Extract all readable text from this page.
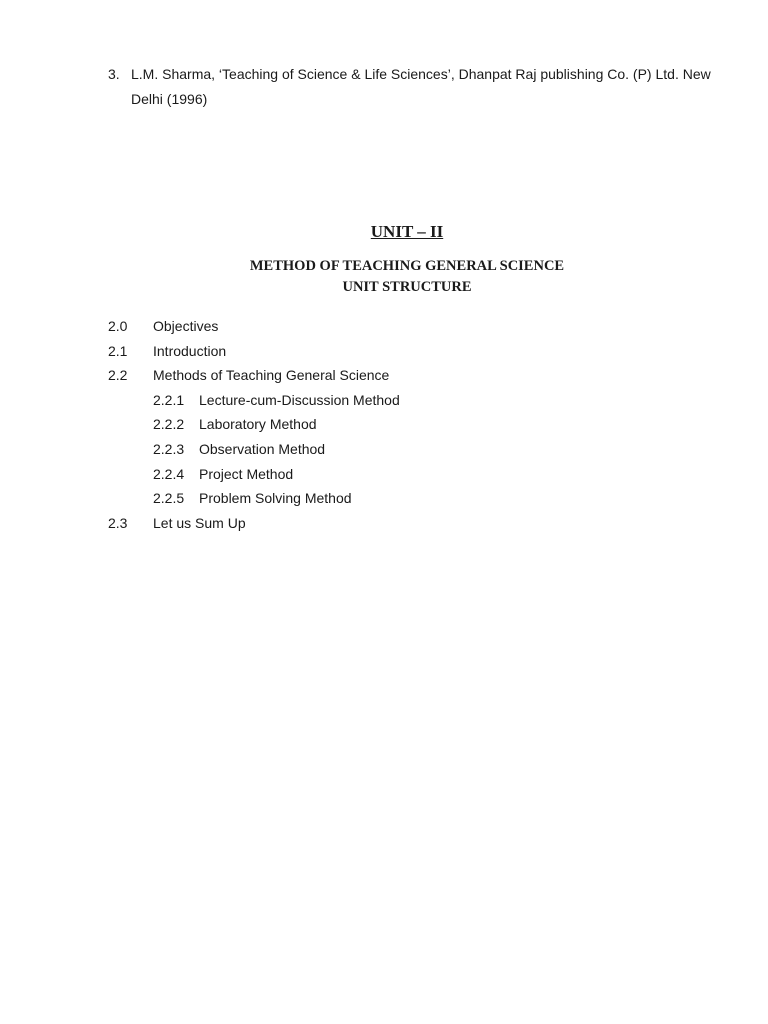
3. L.M. Sharma, ‘Teaching of Science & Life Sciences’, Dhanpat Raj publishing Co. (P) Ltd. New
Delhi (1996)
UNIT – II
METHOD OF TEACHING GENERAL SCIENCE
UNIT STRUCTURE
2.0 Objectives
2.1 Introduction
2.2 Methods of Teaching General Science
2.2.1 Lecture-cum-Discussion Method
2.2.2 Laboratory Method
2.2.3 Observation Method
2.2.4 Project Method
2.2.5 Problem Solving Method
2.3 Let us Sum Up
